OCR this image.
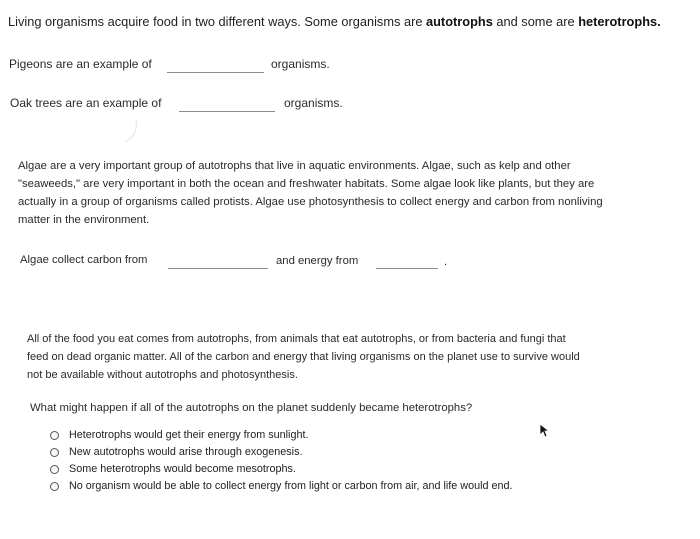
Living organisms acquire food in two different ways. Some organisms are autotrophs and some are heterotrophs.
Pigeons are an example of	organisms.
Oak trees are an example of	organisms.
Algae are a very important group of autotrophs that live in aquatic environments. Algae, such as kelp and other
"seaweeds," are very important in both the ocean and freshwater habitats. Some algae look like plants, but they are
actually in a group of organisms called protists. Algae use photosynthesis to collect energy and carbon from nonliving
matter in the environment.
Algae collect carbon from	and energy from	.
All of the food you eat comes from autotrophs, from animals that eat autotrophs, or from bacteria and fungi that
feed on dead organic matter. All of the carbon and energy that living organisms on the planet use to survive would
not be available without autotrophs and photosynthesis.
What might happen if all of the autotrophs on the planet suddenly became heterotrophs?
Heterotrophs would get their energy from sunlight.
New autotrophs would arise through exogenesis.
Some heterotrophs would become mesotrophs.
No organism would be able to collect energy from light or carbon from air, and life would end.
